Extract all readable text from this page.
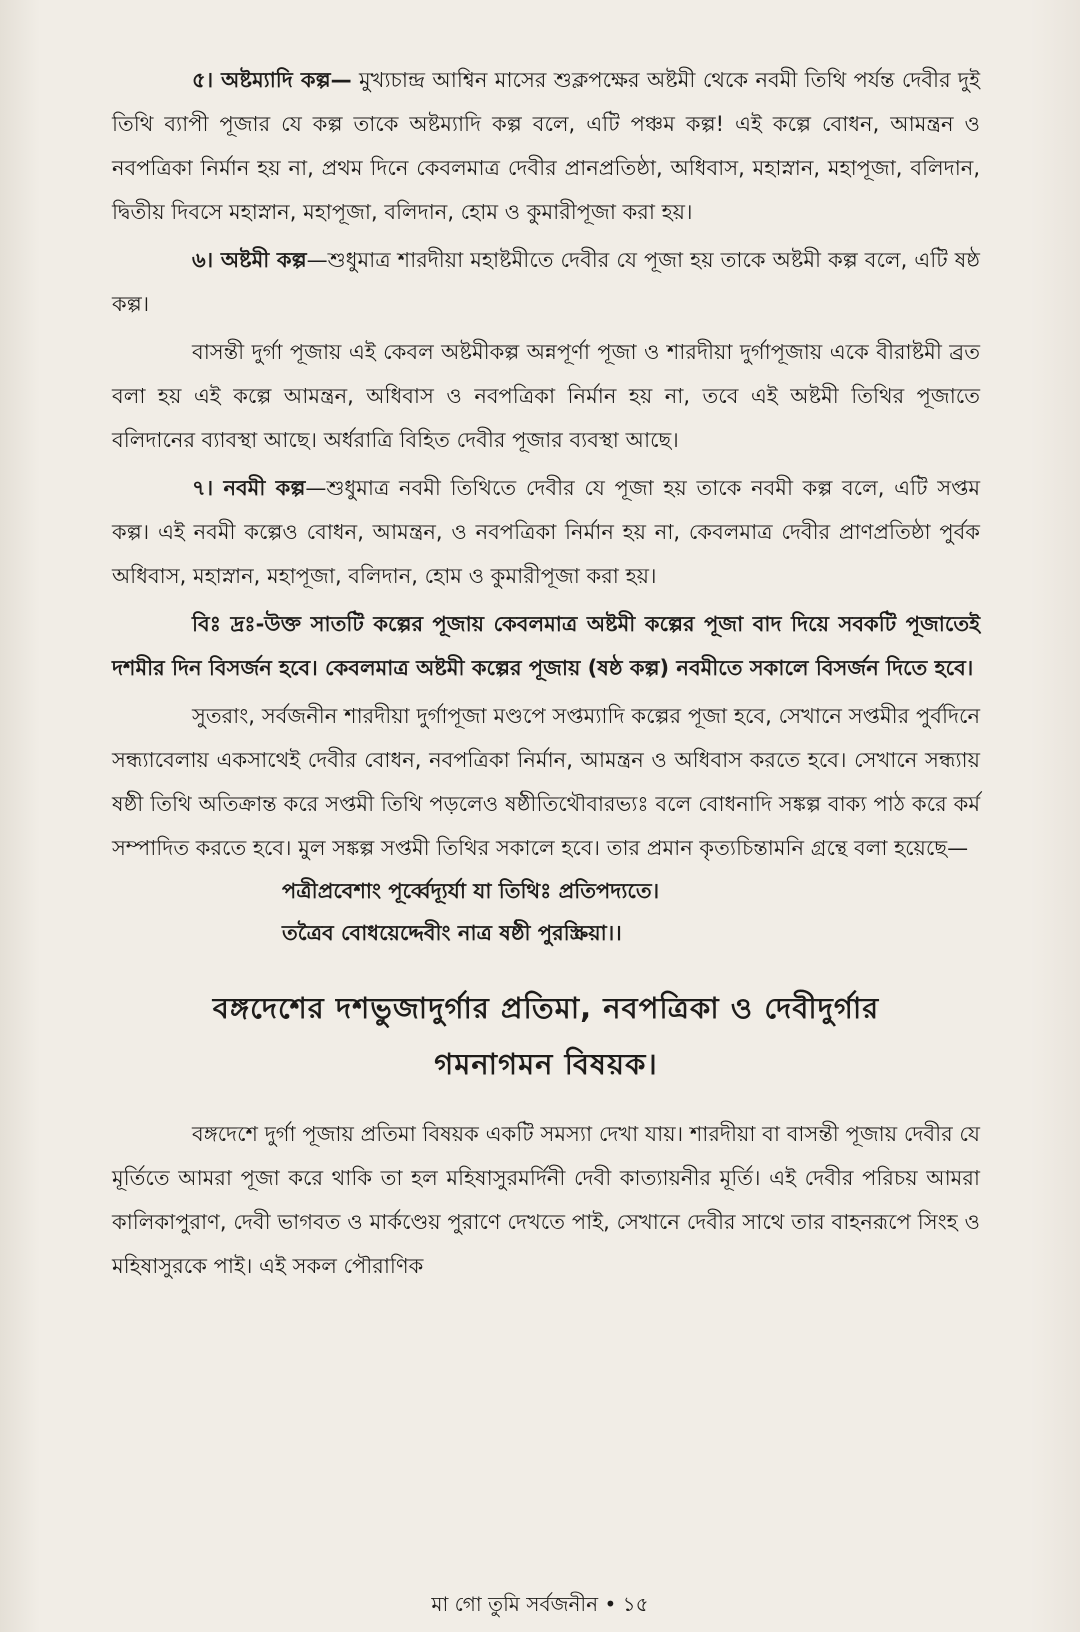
৫। অষ্টম্যাদি কল্প— মুখ্যচান্দ্র আশ্বিন মাসের শুক্লপক্ষের অষ্টমী থেকে নবমী তিথি পর্যন্ত দেবীর দুই তিথি ব্যাপী পূজার যে কল্প তাকে অষ্টম্যাদি কল্প বলে, এটি পঞ্চম কল্প! এই কল্পে বোধন, আমন্ত্রন ও নবপত্রিকা নির্মান হয় না, প্রথম দিনে কেবলমাত্র দেবীর প্রানপ্রতিষ্ঠা, অধিবাস, মহাস্নান, মহাপূজা, বলিদান, দ্বিতীয় দিবসে মহাস্নান, মহাপূজা, বলিদান, হোম ও কুমারীপূজা করা হয়।

৬। অষ্টমী কল্প—শুধুমাত্র শারদীয়া মহাষ্টমীতে দেবীর যে পূজা হয় তাকে অষ্টমী কল্প বলে, এটি ষষ্ঠ কল্প।

বাসন্তী দুর্গা পূজায় এই কেবল অষ্টমীকল্প অন্নপূর্ণা পূজা ও শারদীয়া দুর্গাপূজায় একে বীরাষ্টমী ব্রত বলা হয় এই কল্পে আমন্ত্রন, অধিবাস ও নবপত্রিকা নির্মান হয় না, তবে এই অষ্টমী তিথির পূজাতে বলিদানের ব্যাবস্থা আছে। অর্ধরাত্রি বিহিত দেবীর পূজার ব্যবস্থা আছে।

৭। নবমী কল্প—শুধুমাত্র নবমী তিথিতে দেবীর যে পূজা হয় তাকে নবমী কল্প বলে, এটি সপ্তম কল্প। এই নবমী কল্পেও বোধন, আমন্ত্রন, ও নবপত্রিকা নির্মান হয় না, কেবলমাত্র দেবীর প্রাণপ্রতিষ্ঠা পুর্বক অধিবাস, মহাস্নান, মহাপূজা, বলিদান, হোম ও কুমারীপূজা করা হয়।

বিঃ দ্রঃ-উক্ত সাতটি কল্পের পূজায় কেবলমাত্র অষ্টমী কল্পের পূজা বাদ দিয়ে সবকটি পূজাতেই দশমীর দিন বিসর্জন হবে। কেবলমাত্র অষ্টমী কল্পের পূজায় (ষষ্ঠ কল্প) নবমীতে সকালে বিসর্জন দিতে হবে।

সুতরাং, সর্বজনীন শারদীয়া দুর্গাপূজা মণ্ডপে সপ্তম্যাদি কল্পের পূজা হবে, সেখানে সপ্তমীর পুর্বদিনে সন্ধ্যাবেলায় একসাথেই দেবীর বোধন, নবপত্রিকা নির্মান, আমন্ত্রন ও অধিবাস করতে হবে। সেখানে সন্ধ্যায় ষষ্ঠী তিথি অতিক্রান্ত করে সপ্তমী তিথি পড়লেও ষষ্ঠীতিথৌবারভ্যঃ বলে বোধনাদি সঙ্কল্প বাক্য পাঠ করে কর্ম সম্পাদিত করতে হবে। মুল সঙ্কল্প সপ্তমী তিথির সকালে হবে। তার প্রমান কৃত্যচিন্তামনি গ্রন্থে বলা হয়েছে—

পত্রীপ্রবেশাং পূর্ব্বেদ্যূর্যা যা তিথিঃ প্রতিপদ্যতে।

তত্রৈব বোধয়েদ্দেবীং নাত্র ষষ্ঠী পুরস্ক্রিয়া।।

বঙ্গদেশের দশভুজাদুর্গার প্রতিমা, নবপত্রিকা ও দেবীদুর্গার
গমনাগমন বিষয়ক।

বঙ্গদেশে দুর্গা পূজায় প্রতিমা বিষয়ক একটি সমস্যা দেখা যায়। শারদীয়া বা বাসন্তী পূজায় দেবীর যে মূর্তিতে আমরা পূজা করে থাকি তা হল মহিষাসুরমর্দিনী দেবী কাত্যায়নীর মূর্তি। এই দেবীর পরিচয় আমরা কালিকাপুরাণ, দেবী ভাগবত ও মার্কণ্ডেয় পুরাণে দেখতে পাই, সেখানে দেবীর সাথে তার বাহনরূপে সিংহ ও মহিষাসুরকে পাই। এই সকল পৌরাণিক

মা গো তুমি সর্বজনীন • ১৫
